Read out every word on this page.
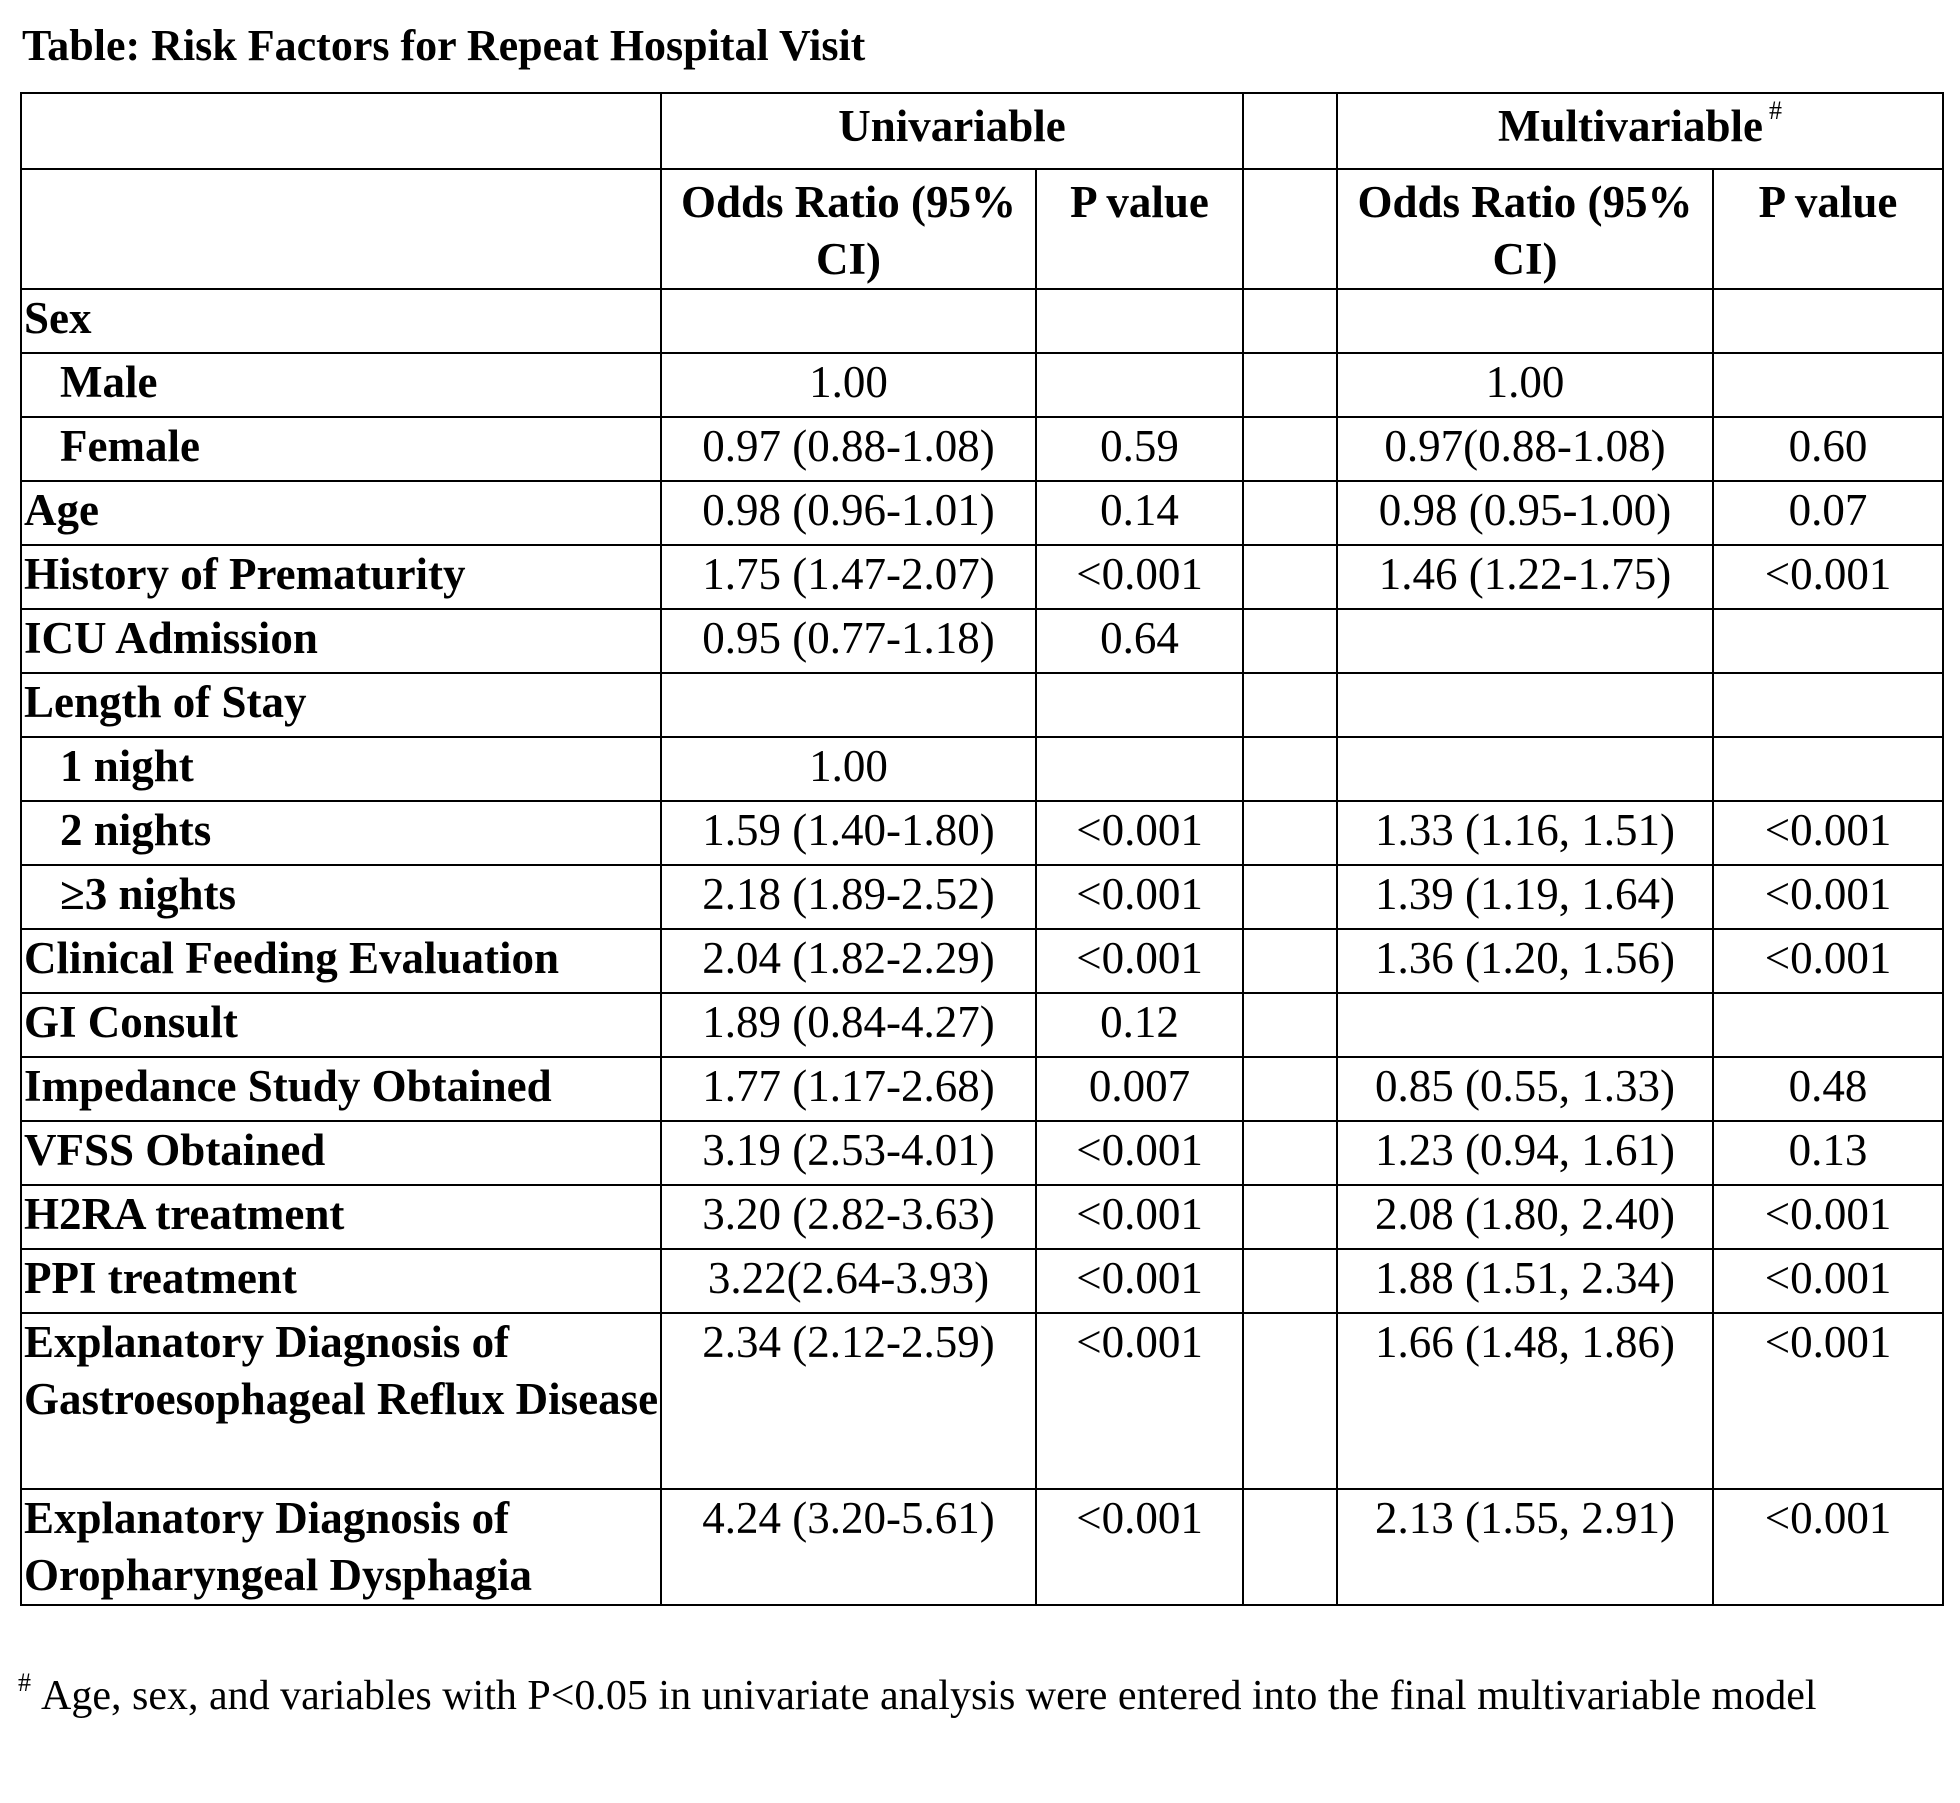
Table: Risk Factors for Repeat Hospital Visit
	Univariable			Multivariable #
	Odds Ratio (95% CI)	P value		Odds Ratio (95% CI)	P value
Sex					
Male	1.00			1.00	
Female	0.97 (0.88-1.08)	0.59		0.97(0.88-1.08)	0.60
Age	0.98 (0.96-1.01)	0.14		0.98 (0.95-1.00)	0.07
History of Prematurity	1.75 (1.47-2.07)	<0.001		1.46 (1.22-1.75)	<0.001
ICU Admission	0.95 (0.77-1.18)	0.64			
Length of Stay					
1 night	1.00				
2 nights	1.59 (1.40-1.80)	<0.001		1.33 (1.16, 1.51)	<0.001
≥3 nights	2.18 (1.89-2.52)	<0.001		1.39 (1.19, 1.64)	<0.001
Clinical Feeding Evaluation	2.04 (1.82-2.29)	<0.001		1.36 (1.20, 1.56)	<0.001
GI Consult	1.89 (0.84-4.27)	0.12			
Impedance Study Obtained	1.77 (1.17-2.68)	0.007		0.85 (0.55, 1.33)	0.48
VFSS Obtained	3.19 (2.53-4.01)	<0.001		1.23 (0.94, 1.61)	0.13
H2RA treatment	3.20 (2.82-3.63)	<0.001		2.08 (1.80, 2.40)	<0.001
PPI treatment	3.22(2.64-3.93)	<0.001		1.88 (1.51, 2.34)	<0.001
Explanatory Diagnosis of Gastroesophageal Reflux Disease	2.34 (2.12-2.59)	<0.001		1.66 (1.48, 1.86)	<0.001
Explanatory Diagnosis of Oropharyngeal Dysphagia	4.24 (3.20-5.61)	<0.001		2.13 (1.55, 2.91)	<0.001
# Age, sex, and variables with P<0.05 in univariate analysis were entered into the final multivariable model
